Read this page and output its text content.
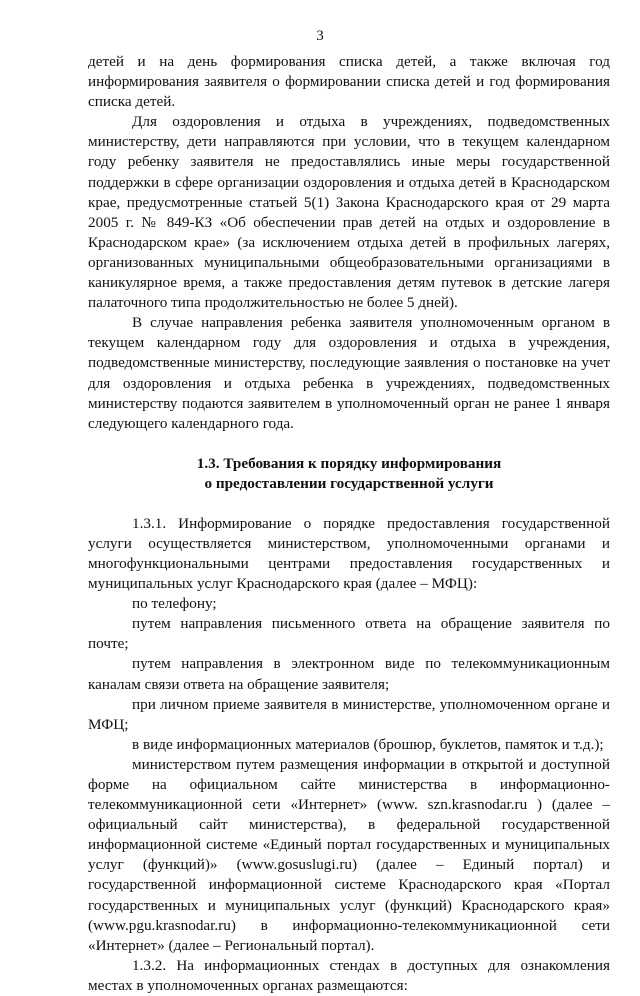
3

детей и на день формирования списка детей, а также включая год информирования заявителя о формировании списка детей и год формирования списка детей.

Для оздоровления и отдыха в учреждениях, подведомственных министерству, дети направляются при условии, что в текущем календарном году ребенку заявителя не предоставлялись иные меры государственной поддержки в сфере организации оздоровления и отдыха детей в Краснодарском крае, предусмотренные статьей 5(1) Закона Краснодарского края от 29 марта 2005 г. № 849-КЗ «Об обеспечении прав детей на отдых и оздоровление в Краснодарском крае» (за исключением отдыха детей в профильных лагерях, организованных муниципальными общеобразовательными организациями в каникулярное время, а также предоставления детям путевок в детские лагеря палаточного типа продолжительностью не более 5 дней).

В случае направления ребенка заявителя уполномоченным органом в текущем календарном году для оздоровления и отдыха в учреждения, подведомственные министерству, последующие заявления о постановке на учет для оздоровления и отдыха ребенка в учреждениях, подведомственных министерству подаются заявителем в уполномоченный орган не ранее 1 января следующего календарного года.

1.3. Требования к порядку информирования
о предоставлении государственной услуги

1.3.1. Информирование о порядке предоставления государственной услуги осуществляется министерством, уполномоченными органами и многофункциональными центрами предоставления государственных и муниципальных услуг Краснодарского края (далее – МФЦ):

по телефону;

путем направления письменного ответа на обращение заявителя по почте;

путем направления в электронном виде по телекоммуникационным каналам связи ответа на обращение заявителя;

при личном приеме заявителя в министерстве, уполномоченном органе и МФЦ;

в виде информационных материалов (брошюр, буклетов, памяток и т.д.);

министерством путем размещения информации в открытой и доступной форме на официальном сайте министерства в информационно-телекоммуникационной сети «Интернет» (www. szn.krasnodar.ru ) (далее – официальный сайт министерства), в федеральной государственной информационной системе «Единый портал государственных и муниципальных услуг (функций)» (www.gosuslugi.ru) (далее – Единый портал) и государственной информационной системе Краснодарского края «Портал государственных и муниципальных услуг (функций) Краснодарского края» (www.pgu.krasnodar.ru) в информационно-телекоммуникационной сети «Интернет» (далее – Региональный портал).

1.3.2. На информационных стендах в доступных для ознакомления местах в уполномоченных органах размещаются:
